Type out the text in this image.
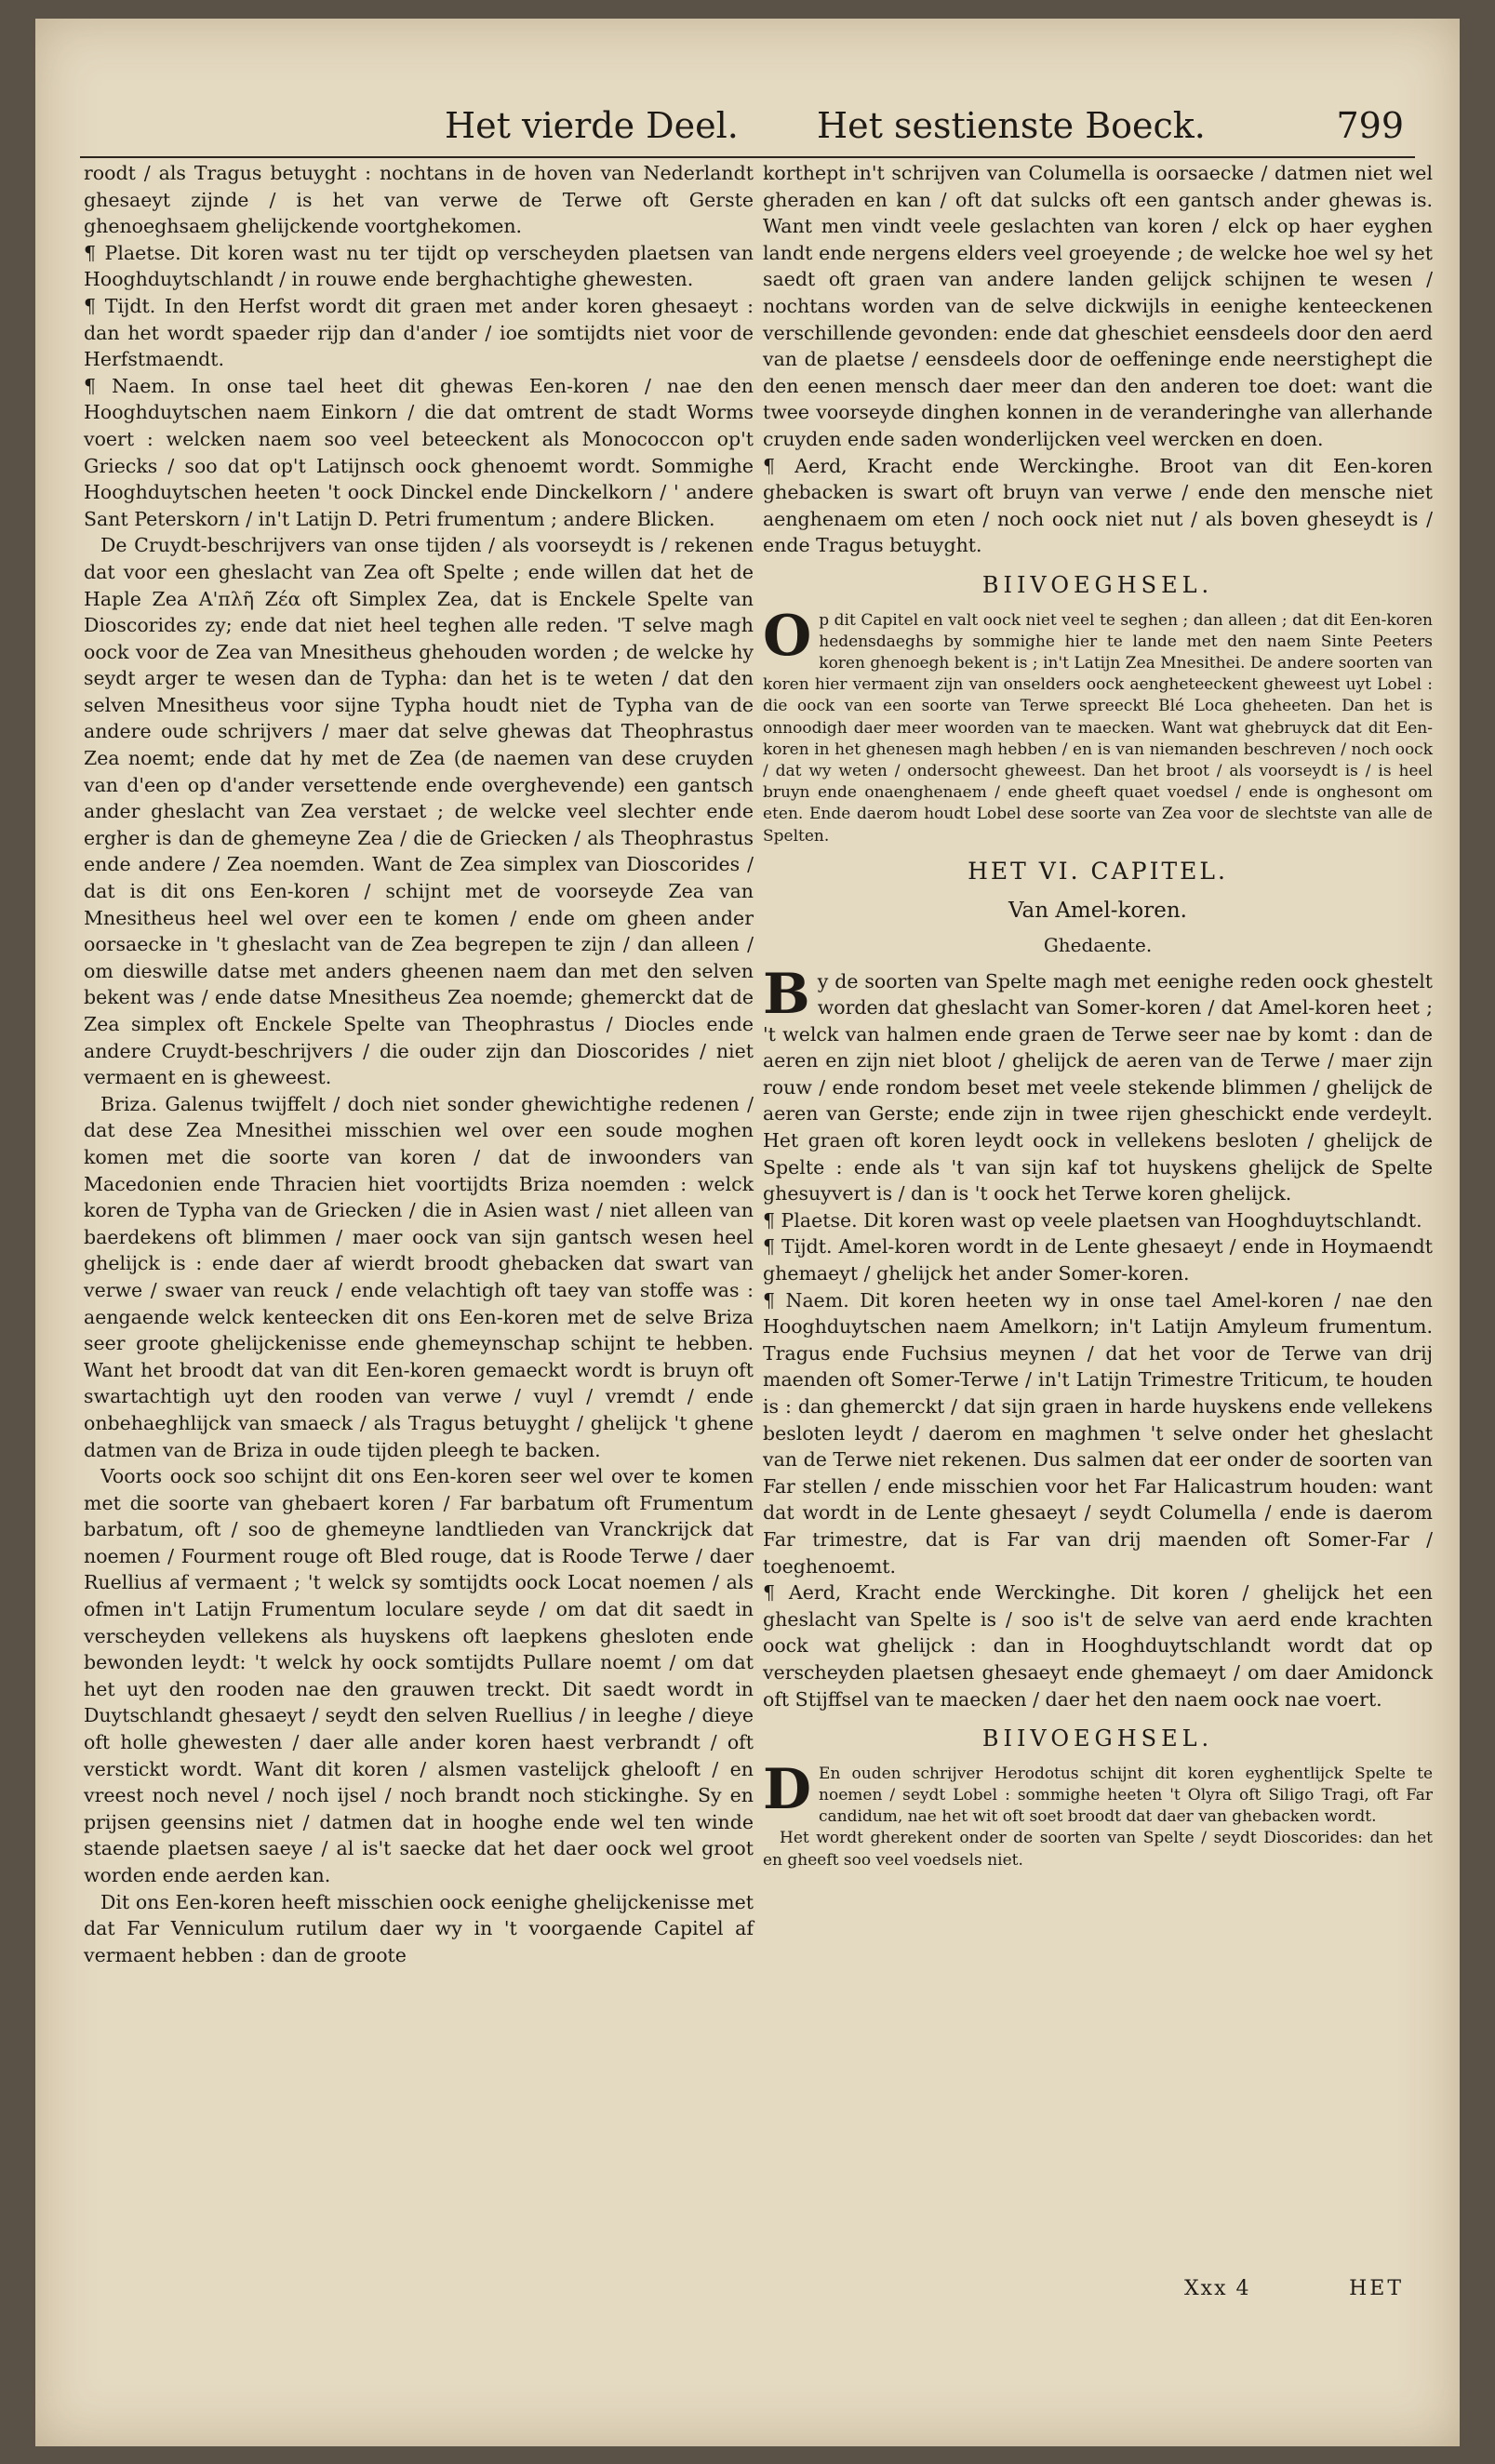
Het vierde Deel. Het sestienste Boeck.	799

roodt / als Tragus betuyght : nochtans in de hoven van Nederlandt ghesaeyt zijnde / is het van verwe de Terwe oft Gerste ghenoeghsaem ghelijckende voortghekomen.

¶ Plaetse. Dit koren wast nu ter tijdt op verscheyden plaetsen van Hooghduytschlandt / in rouwe ende berghachtighe ghewesten.

¶ Tijdt. In den Herfst wordt dit graen met ander koren ghesaeyt : dan het wordt spaeder rijp dan d'ander / ioe somtijdts niet voor de Herfstmaendt.

¶ Naem. In onse tael heet dit ghewas Een-koren / nae den Hooghduytschen naem Einkorn / die dat omtrent de stadt Worms voert : welcken naem soo veel beteeckent als Monococcon op't Griecks / soo dat op't Latijnsch oock ghenoemt wordt. Sommighe Hooghduytschen heeten 't oock Dinckel ende Dinckelkorn / ' andere Sant Peterskorn / in't Latijn D. Petri frumentum ; andere Blicken.

De Cruydt-beschrijvers van onse tijden / als voorseydt is / rekenen dat voor een gheslacht van Zea oft Spelte ; ende willen dat het de Haple Zea Α'πλῆ Ζέα oft Simplex Zea, dat is Enckele Spelte van Dioscorides zy; ende dat niet heel teghen alle reden. 'T selve magh oock voor de Zea van Mnesitheus ghehouden worden ; de welcke hy seydt arger te wesen dan de Typha: dan het is te weten / dat den selven Mnesitheus voor sijne Typha houdt niet de Typha van de andere oude schrijvers / maer dat selve ghewas dat Theophrastus Zea noemt; ende dat hy met de Zea (de naemen van dese cruyden van d'een op d'ander versettende ende overghevende) een gantsch ander gheslacht van Zea verstaet ; de welcke veel slechter ende ergher is dan de ghemeyne Zea / die de Griecken / als Theophrastus ende andere / Zea noemden. Want de Zea simplex van Dioscorides / dat is dit ons Een-koren / schijnt met de voorseyde Zea van Mnesitheus heel wel over een te komen / ende om gheen ander oorsaecke in 't gheslacht van de Zea begrepen te zijn / dan alleen / om dieswille datse met anders gheenen naem dan met den selven bekent was / ende datse Mnesitheus Zea noemde; ghemerckt dat de Zea simplex oft Enckele Spelte van Theophrastus / Diocles ende andere Cruydt-beschrijvers / die ouder zijn dan Dioscorides / niet vermaent en is gheweest.

Briza. Galenus twijffelt / doch niet sonder ghewichtighe redenen / dat dese Zea Mnesithei misschien wel over een soude moghen komen met die soorte van koren / dat de inwoonders van Macedonien ende Thracien hiet voortijdts Briza noemden : welck koren de Typha van de Griecken / die in Asien wast / niet alleen van baerdekens oft blimmen / maer oock van sijn gantsch wesen heel ghelijck is : ende daer af wierdt broodt ghebacken dat swart van verwe / swaer van reuck / ende velachtigh oft taey van stoffe was : aengaende welck kenteecken dit ons Een-koren met de selve Briza seer groote ghelijckenisse ende ghemeynschap schijnt te hebben. Want het broodt dat van dit Een-koren gemaeckt wordt is bruyn oft swartachtigh uyt den rooden van verwe / vuyl / vremdt / ende onbehaeghlijck van smaeck / als Tragus betuyght / ghelijck 't ghene datmen van de Briza in oude tijden pleegh te backen.

Voorts oock soo schijnt dit ons Een-koren seer wel over te komen met die soorte van ghebaert koren / Far barbatum oft Frumentum barbatum, oft / soo de ghemeyne landtlieden van Vranckrijck dat noemen / Fourment rouge oft Bled rouge, dat is Roode Terwe / daer Ruellius af vermaent ; 't welck sy somtijdts oock Locat noemen / als ofmen in't Latijn Frumentum loculare seyde / om dat dit saedt in verscheyden vellekens als huyskens oft laepkens ghesloten ende bewonden leydt: 't welck hy oock somtijdts Pullare noemt / om dat het uyt den rooden nae den grauwen treckt. Dit saedt wordt in Duytschlandt ghesaeyt / seydt den selven Ruellius / in leeghe / dieye oft holle ghewesten / daer alle ander koren haest verbrandt / oft verstickt wordt. Want dit koren / alsmen vastelijck ghelooft / en vreest noch nevel / noch ijsel / noch brandt noch stickinghe. Sy en prijsen geensins niet / datmen dat in hooghe ende wel ten winde staende plaetsen saeye / al is't saecke dat het daer oock wel groot worden ende aerden kan.

Dit ons Een-koren heeft misschien oock eenighe ghelijckenisse met dat Far Venniculum rutilum daer wy in 't voorgaende Capitel af vermaent hebben : dan de groote

korthept in't schrijven van Columella is oorsaecke / datmen niet wel gheraden en kan / oft dat sulcks oft een gantsch ander ghewas is. Want men vindt veele geslachten van koren / elck op haer eyghen landt ende nergens elders veel groeyende ; de welcke hoe wel sy het saedt oft graen van andere landen gelijck schijnen te wesen / nochtans worden van de selve dickwijls in eenighe kenteeckenen verschillende gevonden: ende dat gheschiet eensdeels door den aerd van de plaetse / eensdeels door de oeffeninge ende neerstighept die den eenen mensch daer meer dan den anderen toe doet: want die twee voorseyde dinghen konnen in de veranderinghe van allerhande cruyden ende saden wonderlijcken veel wercken en doen.

¶ Aerd, Kracht ende Werckinghe. Broot van dit Een-koren ghebacken is swart oft bruyn van verwe / ende den mensche niet aenghenaem om eten / noch oock niet nut / als boven gheseydt is / ende Tragus betuyght.

BIIVOEGHSEL.

Op dit Capitel en valt oock niet veel te seghen ; dan alleen ; dat dit Een-koren hedensdaeghs by sommighe hier te lande met den naem Sinte Peeters koren ghenoegh bekent is ; in't Latijn Zea Mnesithei. De andere soorten van koren hier vermaent zijn van onselders oock aengheteeckent gheweest uyt Lobel : die oock van een soorte van Terwe spreeckt Blé Loca gheheeten. Dan het is onnoodigh daer meer woorden van te maecken. Want wat ghebruyck dat dit Een-koren in het ghenesen magh hebben / en is van niemanden beschreven / noch oock / dat wy weten / ondersocht gheweest. Dan het broot / als voorseydt is / is heel bruyn ende onaenghenaem / ende gheeft quaet voedsel / ende is onghesont om eten. Ende daerom houdt Lobel dese soorte van Zea voor de slechtste van alle de Spelten.

HET VI. CAPITEL.
Van Amel-koren.
Ghedaente.

By de soorten van Spelte magh met eenighe reden oock ghestelt worden dat gheslacht van Somer-koren / dat Amel-koren heet ; 't welck van halmen ende graen de Terwe seer nae by komt : dan de aeren en zijn niet bloot / ghelijck de aeren van de Terwe / maer zijn rouw / ende rondom beset met veele stekende blimmen / ghelijck de aeren van Gerste; ende zijn in twee rijen gheschickt ende verdeylt. Het graen oft koren leydt oock in vellekens besloten / ghelijck de Spelte : ende als 't van sijn kaf tot huyskens ghelijck de Spelte ghesuyvert is / dan is 't oock het Terwe koren ghelijck.

¶ Plaetse. Dit koren wast op veele plaetsen van Hooghduytschlandt.

¶ Tijdt. Amel-koren wordt in de Lente ghesaeyt / ende in Hoymaendt ghemaeyt / ghelijck het ander Somer-koren.

¶ Naem. Dit koren heeten wy in onse tael Amel-koren / nae den Hooghduytschen naem Amelkorn; in't Latijn Amyleum frumentum. Tragus ende Fuchsius meynen / dat het voor de Terwe van drij maenden oft Somer-Terwe / in't Latijn Trimestre Triticum, te houden is : dan ghemerckt / dat sijn graen in harde huyskens ende vellekens besloten leydt / daerom en maghmen 't selve onder het gheslacht van de Terwe niet rekenen. Dus salmen dat eer onder de soorten van Far stellen / ende misschien voor het Far Halicastrum houden: want dat wordt in de Lente ghesaeyt / seydt Columella / ende is daerom Far trimestre, dat is Far van drij maenden oft Somer-Far / toeghenoemt.

¶ Aerd, Kracht ende Werckinghe. Dit koren / ghelijck het een gheslacht van Spelte is / soo is't de selve van aerd ende krachten oock wat ghelijck : dan in Hooghduytschlandt wordt dat op verscheyden plaetsen ghesaeyt ende ghemaeyt / om daer Amidonck oft Stijffsel van te maecken / daer het den naem oock nae voert.

BIIVOEGHSEL.

D En ouden schrijver Herodotus schijnt dit koren eyghentlijck Spelte te noemen / seydt Lobel : sommighe heeten 't Olyra oft Siligo Tragi, oft Far candidum, nae het wit oft soet broodt dat daer van ghebacken wordt.

Het wordt gherekent onder de soorten van Spelte / seydt Dioscorides: dan het en gheeft soo veel voedsels niet.

Xxx 4	HET
